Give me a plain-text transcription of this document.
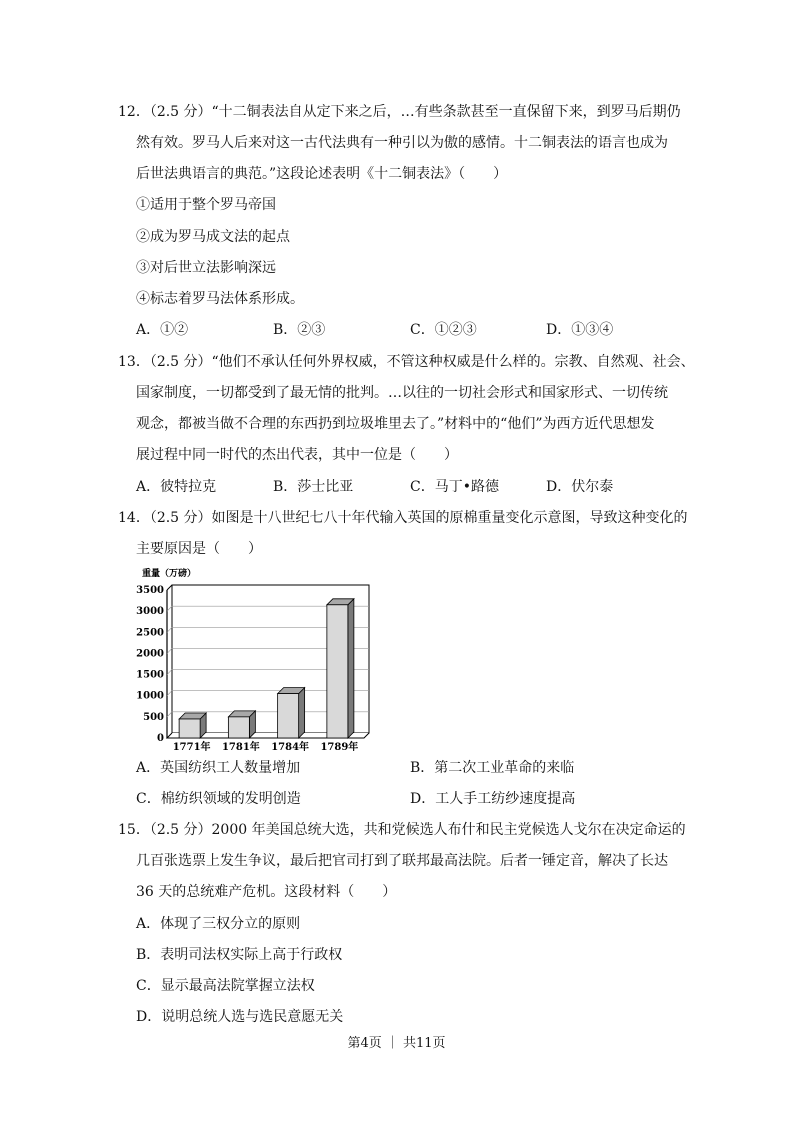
12．（2.5 分）“十二铜表法自从定下来之后，…有些条款甚至一直保留下来，到罗马后期仍
然有效。罗马人后来对这一古代法典有一种引以为傲的感情。十二铜表法的语言也成为
后世法典语言的典范。”这段论述表明《十二铜表法》（　　）
①适用于整个罗马帝国
②成为罗马成文法的起点
③对后世立法影响深远
④标志着罗马法体系形成。
A．①②	B．②③	C．①②③	D．①③④
13．（2.5 分）“他们不承认任何外界权威，不管这种权威是什么样的。宗教、自然观、社会、
国家制度，一切都受到了最无情的批判。…以往的一切社会形式和国家形式、一切传统
观念，都被当做不合理的东西扔到垃圾堆里去了。”材料中的“他们”为西方近代思想发
展过程中同一时代的杰出代表，其中一位是（　　）
A．彼特拉克	B．莎士比亚	C．马丁•路德	D．伏尔泰
14．（2.5 分）如图是十八世纪七八十年代输入英国的原棉重量变化示意图，导致这种变化的
主要原因是（　　）
重量（万磅）
0
500
1000
1500
2000
2500
3000
3500
1771年 1781年 1784年 1789年
A．英国纺织工人数量增加	B．第二次工业革命的来临
C．棉纺织领域的发明创造	D．工人手工纺纱速度提高
15．（2.5 分）2000 年美国总统大选，共和党候选人布什和民主党候选人戈尔在决定命运的
几百张选票上发生争议，最后把官司打到了联邦最高法院。后者一锤定音，解决了长达
36 天的总统难产危机。这段材料（　　）
A．体现了三权分立的原则
B．表明司法权实际上高于行政权
C．显示最高法院掌握立法权
D．说明总统人选与选民意愿无关
第4页 ｜ 共11页
